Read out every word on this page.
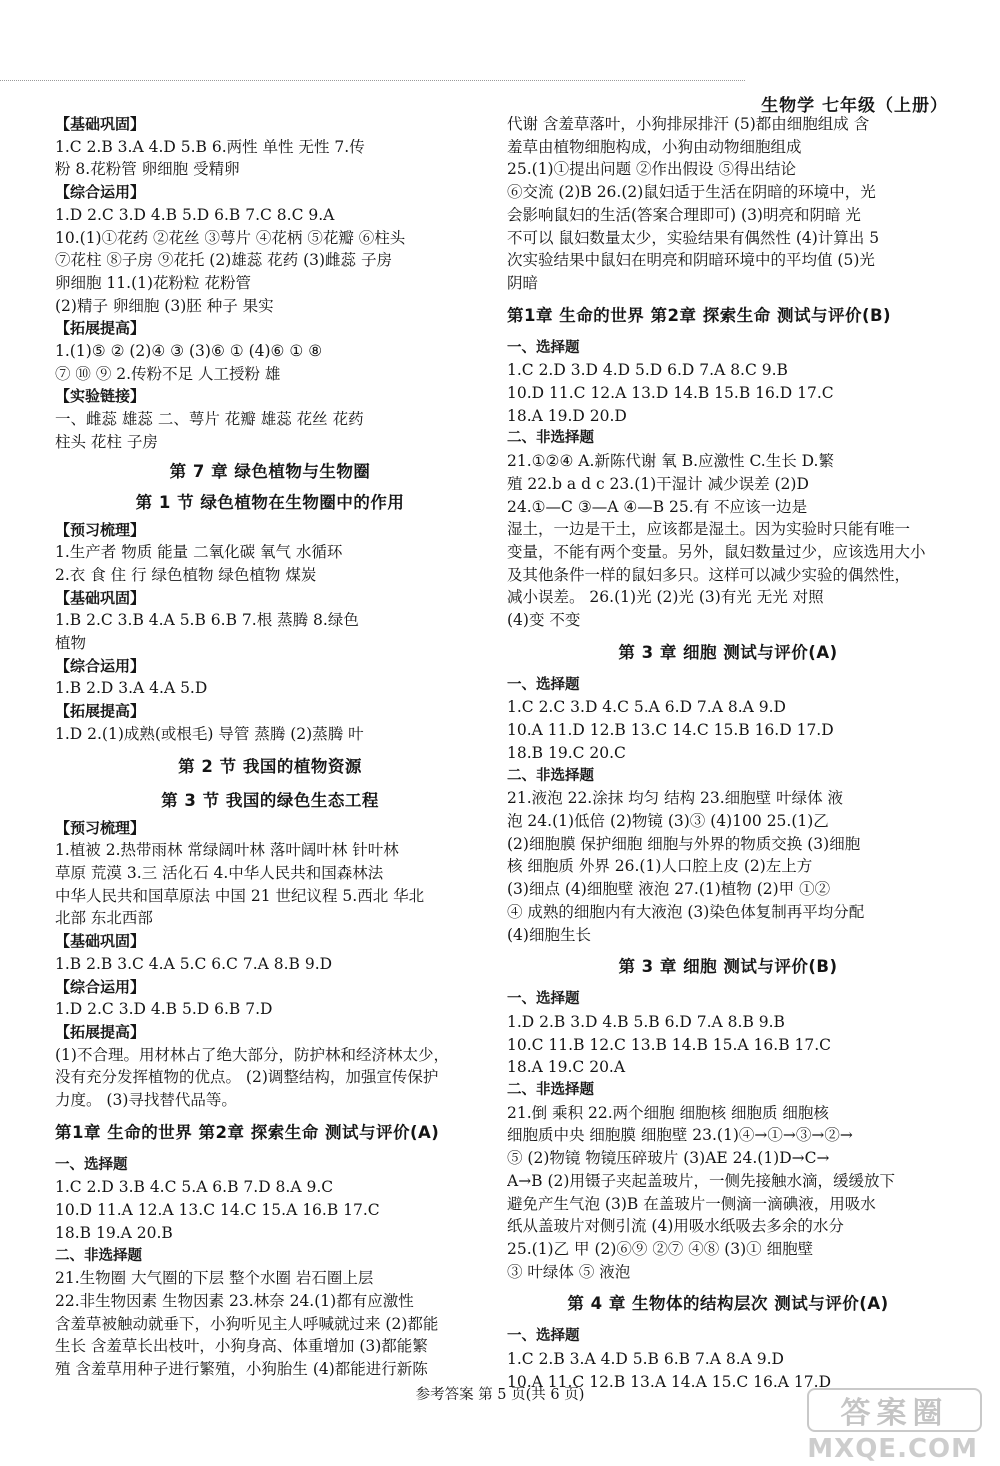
生物学 七年级（上册）
【基础巩固】
1.C 2.B 3.A 4.D 5.B 6.两性 单性 无性 7.传
粉 8.花粉管 卵细胞 受精卵
【综合运用】
1.D 2.C 3.D 4.B 5.D 6.B 7.C 8.C 9.A
10.(1)①花药 ②花丝 ③萼片 ④花柄 ⑤花瓣 ⑥柱头
⑦花柱 ⑧子房 ⑨花托 (2)雄蕊 花药 (3)雌蕊 子房
卵细胞 11.(1)花粉粒 花粉管
(2)精子 卵细胞 (3)胚 种子 果实
【拓展提高】
1.(1)⑤ ② (2)④ ③ (3)⑥ ① (4)⑥ ① ⑧
⑦ ⑩ ⑨ 2.传粉不足 人工授粉 雄
【实验链接】
一、雌蕊 雄蕊 二、萼片 花瓣 雄蕊 花丝 花药
柱头 花柱 子房
第 7 章 绿色植物与生物圈
第 1 节 绿色植物在生物圈中的作用
【预习梳理】
1.生产者 物质 能量 二氧化碳 氧气 水循环
2.衣 食 住 行 绿色植物 绿色植物 煤炭
【基础巩固】
1.B 2.C 3.B 4.A 5.B 6.B 7.根 蒸腾 8.绿色
植物
【综合运用】
1.B 2.D 3.A 4.A 5.D
【拓展提高】
1.D 2.(1)成熟(或根毛) 导管 蒸腾 (2)蒸腾 叶
第 2 节 我国的植物资源
第 3 节 我国的绿色生态工程
【预习梳理】
1.植被 2.热带雨林 常绿阔叶林 落叶阔叶林 针叶林
草原 荒漠 3.三 活化石 4.中华人民共和国森林法
中华人民共和国草原法 中国 21 世纪议程 5.西北 华北
北部 东北西部
【基础巩固】
1.B 2.B 3.C 4.A 5.C 6.C 7.A 8.B 9.D
【综合运用】
1.D 2.C 3.D 4.B 5.D 6.B 7.D
【拓展提高】
(1)不合理。用材林占了绝大部分，防护林和经济林太少，
没有充分发挥植物的优点。 (2)调整结构，加强宣传保护
力度。 (3)寻找替代品等。
第1章 生命的世界 第2章 探索生命 测试与评价(A)
一、选择题
1.C 2.D 3.B 4.C 5.A 6.B 7.D 8.A 9.C
10.D 11.A 12.A 13.C 14.C 15.A 16.B 17.C
18.B 19.A 20.B
二、非选择题
21.生物圈 大气圈的下层 整个水圈 岩石圈上层
22.非生物因素 生物因素 23.林奈 24.(1)都有应激性
含羞草被触动就垂下，小狗听见主人呼喊就过来 (2)都能
生长 含羞草长出枝叶，小狗身高、体重增加 (3)都能繁
殖 含羞草用种子进行繁殖，小狗胎生 (4)都能进行新陈
代谢 含羞草落叶，小狗排尿排汗 (5)都由细胞组成 含
羞草由植物细胞构成，小狗由动物细胞组成
25.(1)①提出问题 ②作出假设 ⑤得出结论
⑥交流 (2)B 26.(2)鼠妇适于生活在阴暗的环境中，光
会影响鼠妇的生活(答案合理即可) (3)明亮和阴暗 光
不可以 鼠妇数量太少，实验结果有偶然性 (4)计算出 5
次实验结果中鼠妇在明亮和阴暗环境中的平均值 (5)光
阴暗
第1章 生命的世界 第2章 探索生命 测试与评价(B)
一、选择题
1.C 2.D 3.D 4.D 5.D 6.D 7.A 8.C 9.B
10.D 11.C 12.A 13.D 14.B 15.B 16.D 17.C
18.A 19.D 20.D
二、非选择题
21.①②④ A.新陈代谢 氧 B.应激性 C.生长 D.繁
殖 22.b a d c 23.(1)干湿计 减少误差 (2)D
24.①—C ③—A ④—B 25.有 不应该一边是
湿土，一边是干土，应该都是湿土。因为实验时只能有唯一
变量，不能有两个变量。另外，鼠妇数量过少，应该选用大小
及其他条件一样的鼠妇多只。这样可以减少实验的偶然性，
减小误差。 26.(1)光 (2)光 (3)有光 无光 对照
(4)变 不变
第 3 章 细胞 测试与评价(A)
一、选择题
1.C 2.C 3.D 4.C 5.A 6.D 7.A 8.A 9.D
10.A 11.D 12.B 13.C 14.C 15.B 16.D 17.D
18.B 19.C 20.C
二、非选择题
21.液泡 22.涂抹 均匀 结构 23.细胞壁 叶绿体 液
泡 24.(1)低倍 (2)物镜 (3)③ (4)100 25.(1)乙
(2)细胞膜 保护细胞 细胞与外界的物质交换 (3)细胞
核 细胞质 外界 26.(1)人口腔上皮 (2)左上方
(3)细点 (4)细胞壁 液泡 27.(1)植物 (2)甲 ①②
④ 成熟的细胞内有大液泡 (3)染色体复制再平均分配
(4)细胞生长
第 3 章 细胞 测试与评价(B)
一、选择题
1.D 2.B 3.D 4.B 5.B 6.D 7.A 8.B 9.B
10.C 11.B 12.C 13.B 14.B 15.A 16.B 17.C
18.A 19.C 20.A
二、非选择题
21.倒 乘积 22.两个细胞 细胞核 细胞质 细胞核
细胞质中央 细胞膜 细胞壁 23.(1)④→①→③→②→
⑤ (2)物镜 物镜压碎玻片 (3)AE 24.(1)D→C→
A→B (2)用镊子夹起盖玻片，一侧先接触水滴，缓缓放下
避免产生气泡 (3)B 在盖玻片一侧滴一滴碘液，用吸水
纸从盖玻片对侧引流 (4)用吸水纸吸去多余的水分
25.(1)乙 甲 (2)⑥⑨ ②⑦ ④⑧ (3)① 细胞壁
③ 叶绿体 ⑤ 液泡
第 4 章 生物体的结构层次 测试与评价(A)
一、选择题
1.C 2.B 3.A 4.D 5.B 6.B 7.A 8.A 9.D
10.A 11.C 12.B 13.A 14.A 15.C 16.A 17.D
参考答案 第 5 页(共 6 页)
答案圈
MXQE.COM
